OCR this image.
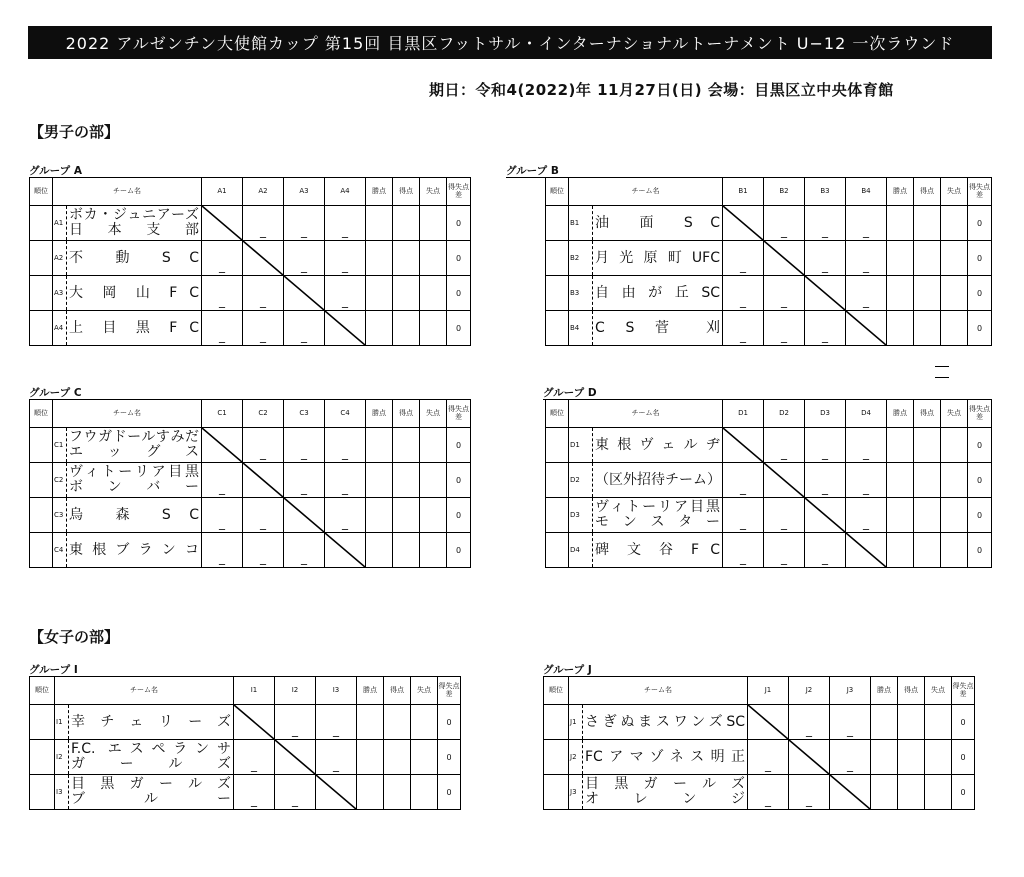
2022 アルゼンチン大使館カップ 第15回 目黒区フットサル・インターナショナルトーナメント U−12 一次ラウンド
期日：令和4(2022)年 11月27日(日) 会場：目黒区立中央体育館
【男子の部】
【女子の部】
グループ A
順位	チーム名		A1	A2	A3	A4	勝点	得点	失点	得失点差
	A1	ボカ・ジュニアーズ
日 本 支 部		_	_	_				0
	A2	不 動 S C	_		_	_				0
	A3	大 岡 山 F C	_	_		_				0
	A4	上 目 黒 F C	_	_	_					0
グループ B
順位	チーム名		B1	B2	B3	B4	勝点	得点	失点	得失点差
	B1	油 面 S C		_	_	_				0
	B2	月光原町UFC	_		_	_				0
	B3	自由が丘SC	_	_		_				0
	B4	C S 菅 刈	_	_	_					0
グループ C
順位	チーム名		C1	C2	C3	C4	勝点	得点	失点	得失点差
	C1	フウガドールすみだ
エ ッ グ ス		_	_	_				0
	C2	ヴィトーリア目黒
ボ ン バ ー	_		_	_				0
	C3	烏 森 S C	_	_		_				0
	C4	東根ブランコ	_	_	_					0
グループ D
順位	チーム名		D1	D2	D3	D4	勝点	得点	失点	得失点差
	D1	東根ヴェルヂ		_	_	_				0
	D2	（区外招待チーム）	_		_	_				0
	D3	ヴィトーリア目黒
モ ン ス タ ー	_	_		_				0
	D4	碑 文 谷 F C	_	_	_					0
グループ I
順位	チーム名		I1	I2	I3	勝点	得点	失点	得失点差
	I1	幸チェリーズ		_	_				0
	I2	F.C. エスペランサ
ガ ー ル ズ	_		_				0
	I3	目黒ガールズ
ブ ル ー	_	_					0
グループ J
順位	チーム名		J1	J2	J3	勝点	得点	失点	得失点差
	J1	さぎぬまスワンズSC		_	_				0
	J2	FCアマゾネス明正	_		_				0
	J3	目黒ガールズ
オ レ ン ジ	_	_					0
